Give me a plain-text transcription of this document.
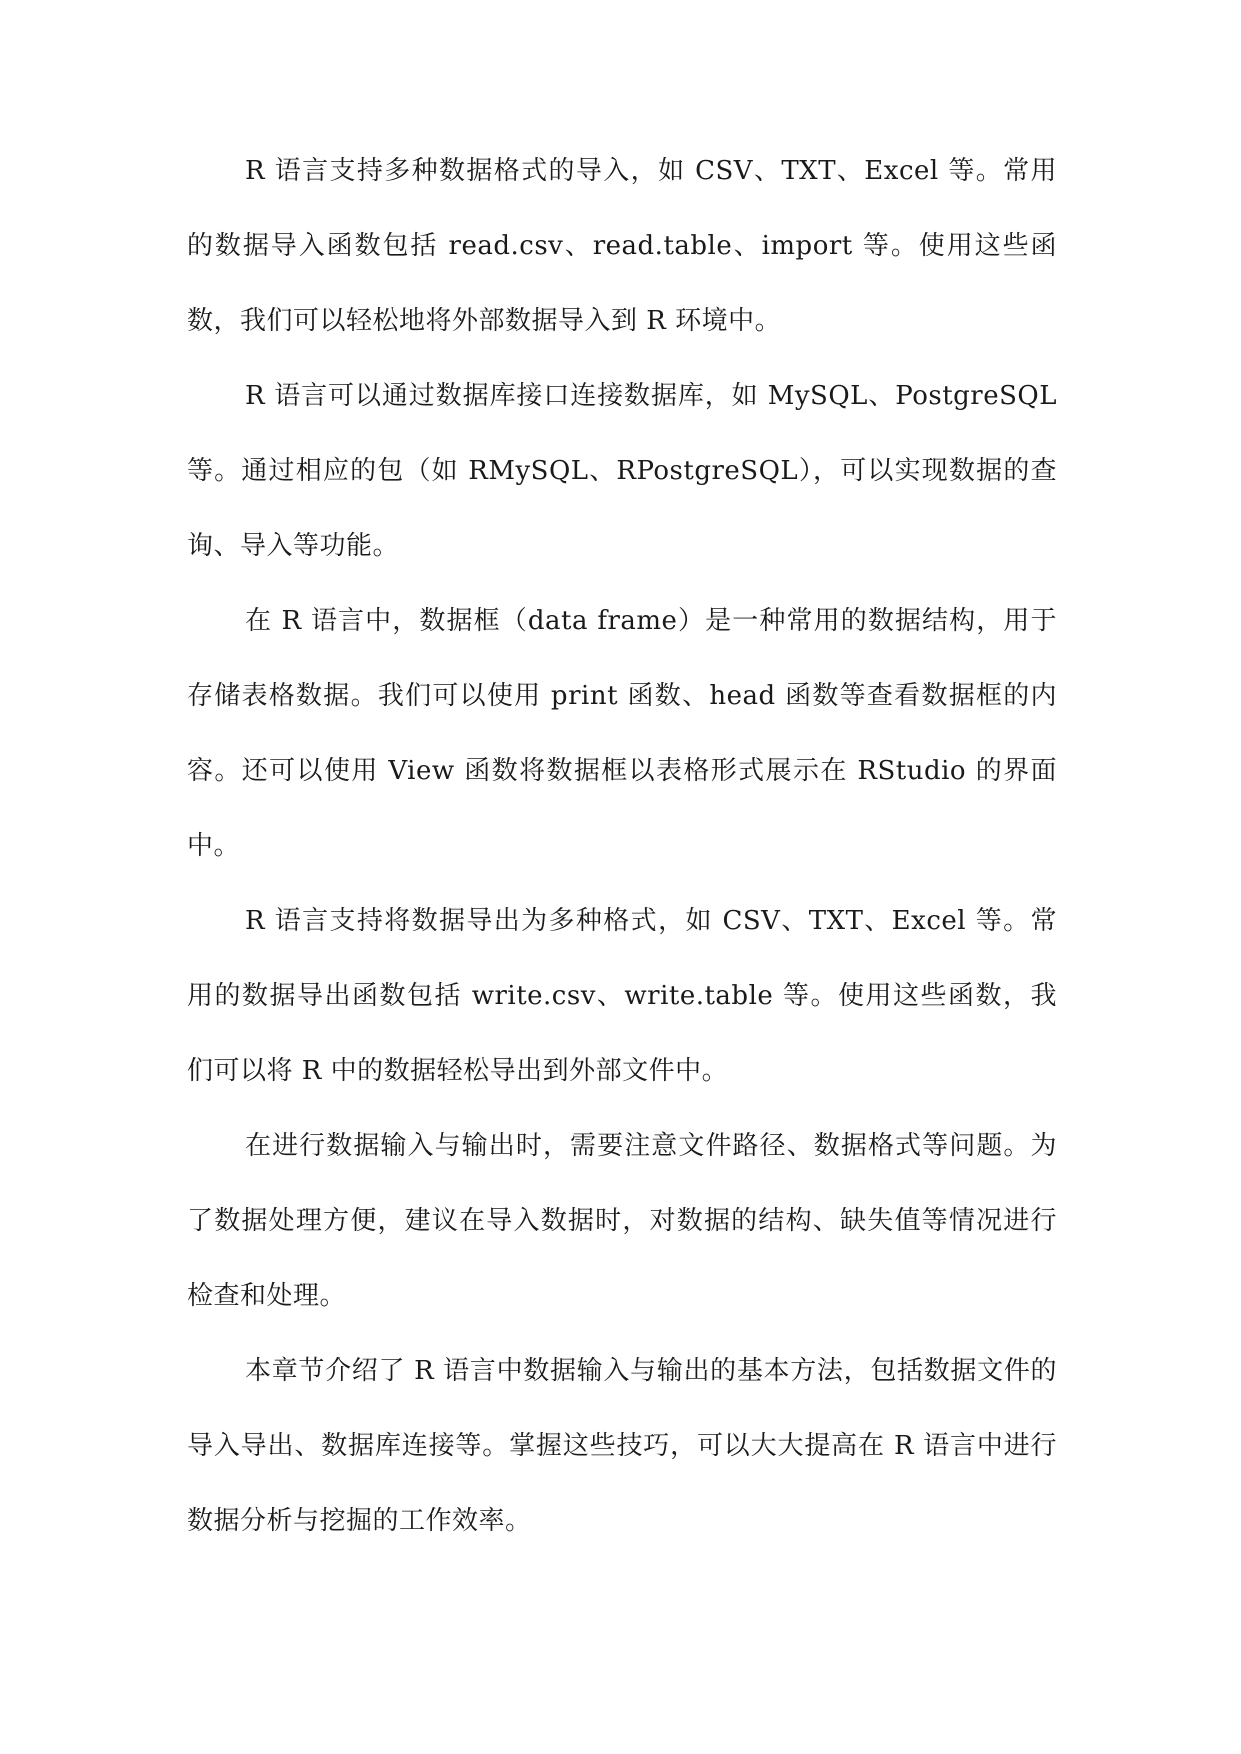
R 语言支持多种数据格式的导入，如 CSV、TXT、Excel 等。常用的数据导入函数包括 read.csv、read.table、import 等。使用这些函数，我们可以轻松地将外部数据导入到 R 环境中。

R 语言可以通过数据库接口连接数据库，如 MySQL、PostgreSQL 等。通过相应的包（如 RMySQL、RPostgreSQL），可以实现数据的查询、导入等功能。

在 R 语言中，数据框（data frame）是一种常用的数据结构，用于存储表格数据。我们可以使用 print 函数、head 函数等查看数据框的内容。还可以使用 View 函数将数据框以表格形式展示在 RStudio 的界面中。

R 语言支持将数据导出为多种格式，如 CSV、TXT、Excel 等。常用的数据导出函数包括 write.csv、write.table 等。使用这些函数，我们可以将 R 中的数据轻松导出到外部文件中。

在进行数据输入与输出时，需要注意文件路径、数据格式等问题。为了数据处理方便，建议在导入数据时，对数据的结构、缺失值等情况进行检查和处理。

本章节介绍了 R 语言中数据输入与输出的基本方法，包括数据文件的导入导出、数据库连接等。掌握这些技巧，可以大大提高在 R 语言中进行数据分析与挖掘的工作效率。
